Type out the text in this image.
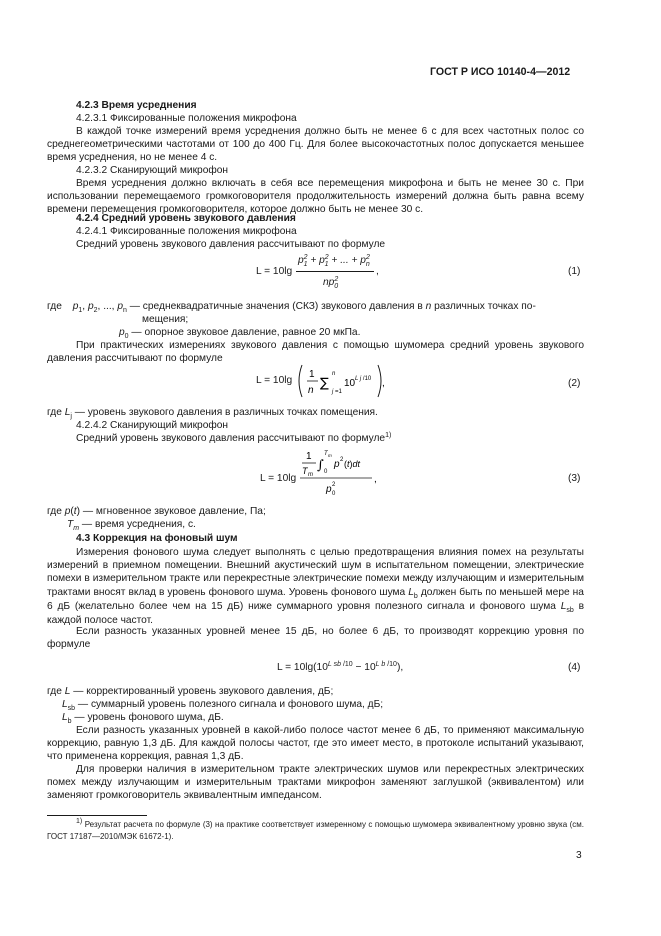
ГОСТ Р ИСО 10140-4—2012
4.2.3 Время усреднения
4.2.3.1 Фиксированные положения микрофона
В каждой точке измерений время усреднения должно быть не менее 6 с для всех частотных полос со среднегеометрическими частотами от 100 до 400 Гц. Для более высокочастотных полос допускается меньшее время усреднения, но не менее 4 с.
4.2.3.2 Сканирующий микрофон
Время усреднения должно включать в себя все перемещения микрофона и быть не менее 30 с. При использовании перемещаемого громкоговорителя продолжительность измерений должна быть равна всему времени перемещения громкоговорителя, которое должно быть не менее 30 с.
4.2.4 Средний уровень звукового давления
4.2.4.1 Фиксированные положения микрофона
Средний уровень звукового давления рассчитывают по формуле
L = 10lg
$p^2_1 + p^2_1$ + ... + $p^2_n$
$np^2_0$
,	(1)
где $p_1$, $p_2$, ..., $p_n$ — среднеквадратичные значения (СКЗ) звукового давления в n различных точках по-
мещения;
$p_0$ — опорное звуковое давление, равное 20 мкПа.
При практических измерениях звукового давления с помощью шумомера средний уровень звукового давления рассчитывают по формуле
L = 10lg
1
n ∑
n
j =1
10 L j /10 ,	(2)
где $L_j$ — уровень звукового давления в различных точках помещения.
4.2.4.2 Сканирующий микрофон
Средний уровень звукового давления рассчитывают по формуле$^{1)}$
L = 10lg
1
T m
∫
T m
0
p 2 (t)dt
p 2
0
,	(3)
где p(t) — мгновенное звуковое давление, Па;
$T_m$ — время усреднения, с.
4.3 Коррекция на фоновый шум
Измерения фонового шума следует выполнять с целью предотвращения влияния помех на результаты измерений в приемном помещении. Внешний акустический шум в испытательном помещении, электрические помехи в измерительном тракте или перекрестные электрические помехи между излучающим и измерительным трактами вносят вклад в уровень фонового шума. Уровень фонового шума $L_b$ должен быть по меньшей мере на 6 дБ (желательно более чем на 15 дБ) ниже суммарного уровня полезного сигнала и фонового шума $L_{sb}$ в каждой полосе частот.
Если разность указанных уровней менее 15 дБ, но более 6 дБ, то производят коррекцию уровня по формуле
$L = 10\lg(10^{L sb /10} - 10^{L b /10})$,	(4)
где L — корректированный уровень звукового давления, дБ;
$L_{sb}$ — суммарный уровень полезного сигнала и фонового шума, дБ;
$L_b$ — уровень фонового шума, дБ.
Если разность указанных уровней в какой-либо полосе частот менее 6 дБ, то применяют максимальную коррекцию, равную 1,3 дБ. Для каждой полосы частот, где это имеет место, в протоколе испытаний указывают, что применена коррекция, равная 1,3 дБ.
Для проверки наличия в измерительном тракте электрических шумов или перекрестных электрических помех между излучающим и измерительным трактами микрофон заменяют заглушкой (эквивалентом) или заменяют громкоговоритель эквивалентным импедансом.
1) Результат расчета по формуле (3) на практике соответствует измеренному с помощью шумомера эквивалентному уровню звука (см. ГОСТ 17187—2010/МЭК 61672-1).
3
